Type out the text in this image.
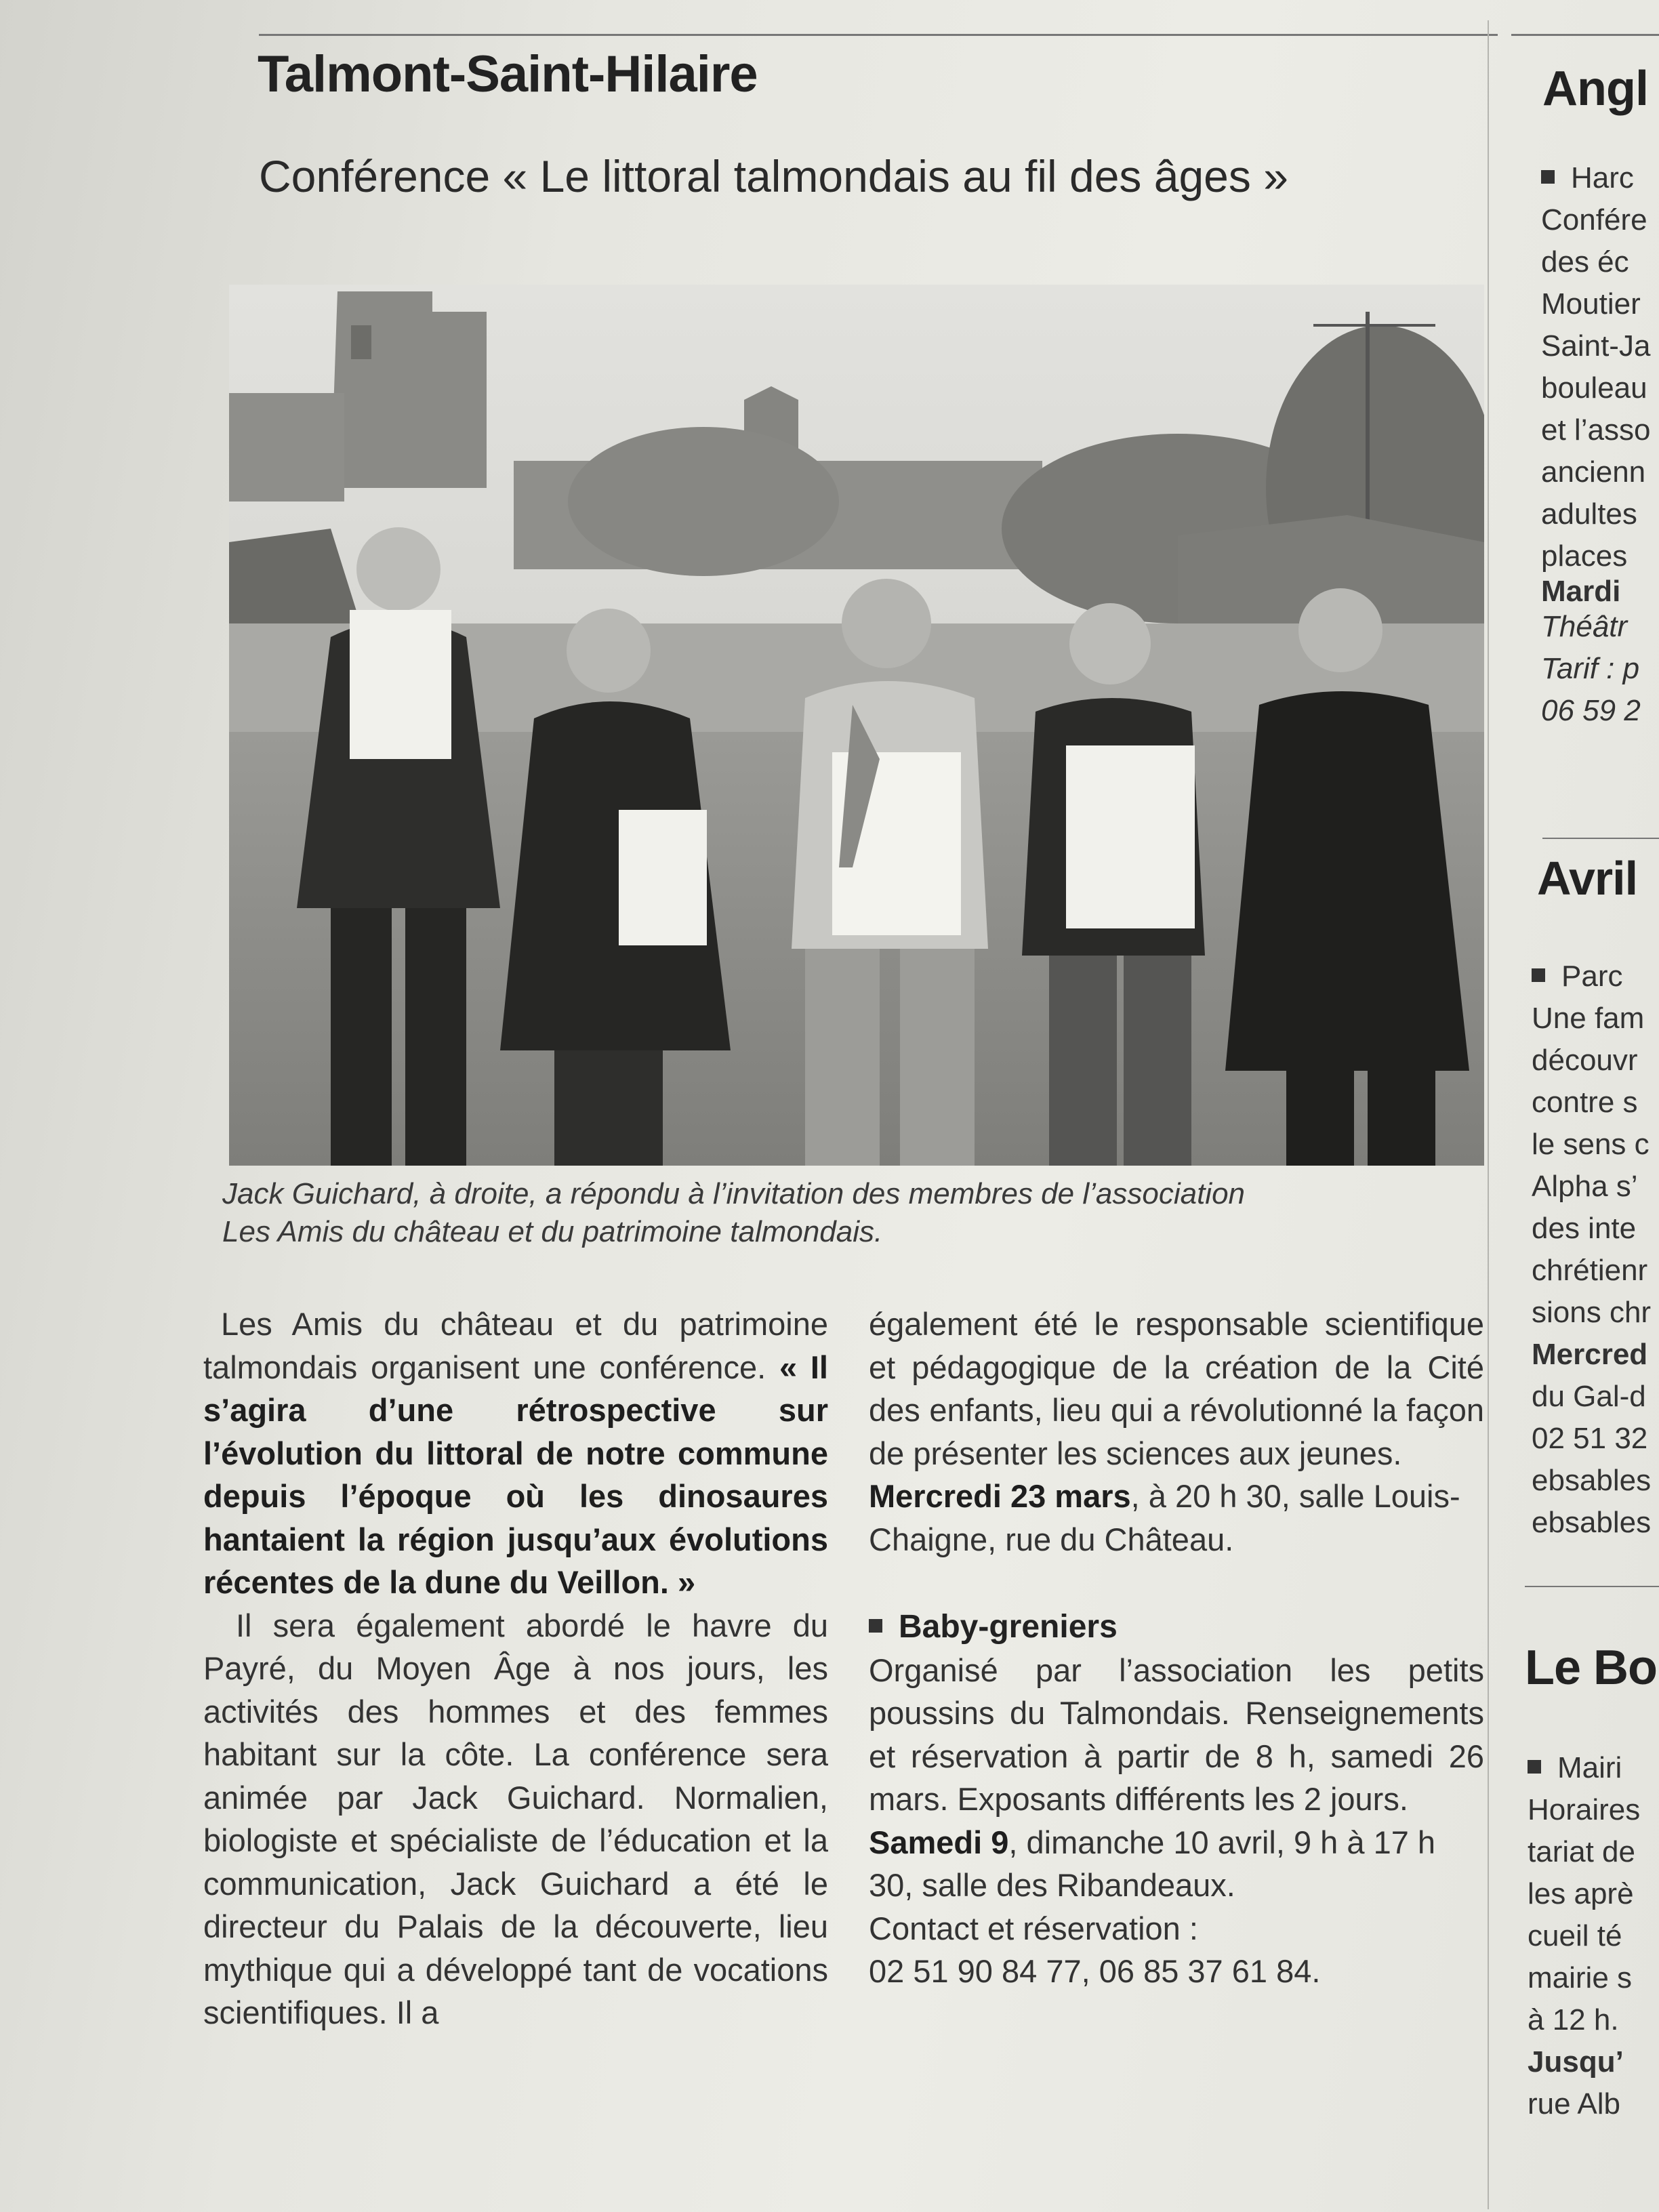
Talmont-Saint-Hilaire
Conférence « Le littoral talmondais au fil des âges »
Jack Guichard, à droite, a répondu à l’invitation des membres de l’association
Les Amis du château et du patrimoine talmondais.

Les Amis du château et du patrimoine talmondais organisent une conférence. « Il s’agira d’une rétrospective sur l’évolution du littoral de notre commune depuis l’époque où les dinosaures hantaient la région jusqu’aux évolutions récentes de la dune du Veillon. »

Il sera également abordé le havre du Payré, du Moyen Âge à nos jours, les activités des hommes et des femmes habitant sur la côte. La conférence sera animée par Jack Guichard. Normalien, biologiste et spécialiste de l’éducation et la communication, Jack Guichard a été le directeur du Palais de la découverte, lieu mythique qui a développé tant de vocations scientifiques. Il a

également été le responsable scientifique et pédagogique de la création de la Cité des enfants, lieu qui a révolutionné la façon de présenter les sciences aux jeunes.

Mercredi 23 mars, à 20 h 30, salle Louis-Chaigne, rue du Château.

Baby-greniers

Organisé par l’association les petits poussins du Talmondais. Renseignements et réservation à partir de 8 h, samedi 26 mars. Exposants différents les 2 jours.

Samedi 9, dimanche 10 avril, 9 h à 17 h 30, salle des Ribandeaux.

Contact et réservation :

02 51 90 84 77, 06 85 37 61 84.

Angl
Harc
Confére
des éc
Moutier
Saint-Ja
bouleau
et l’asso
ancienn
adultes
places
Mardi
Théâtr
Tarif : p
06 59 2
Avril
Parc
Une fam
découvr
contre s
le sens c
Alpha s’
des inte
chrétienr
sions chr
Mercred
du Gal-d
02 51 32
ebsables
ebsables
Le Bo
Mairi
Horaires
tariat de
les aprè
cueil té
mairie s
à 12 h.
Jusqu’
rue Alb
